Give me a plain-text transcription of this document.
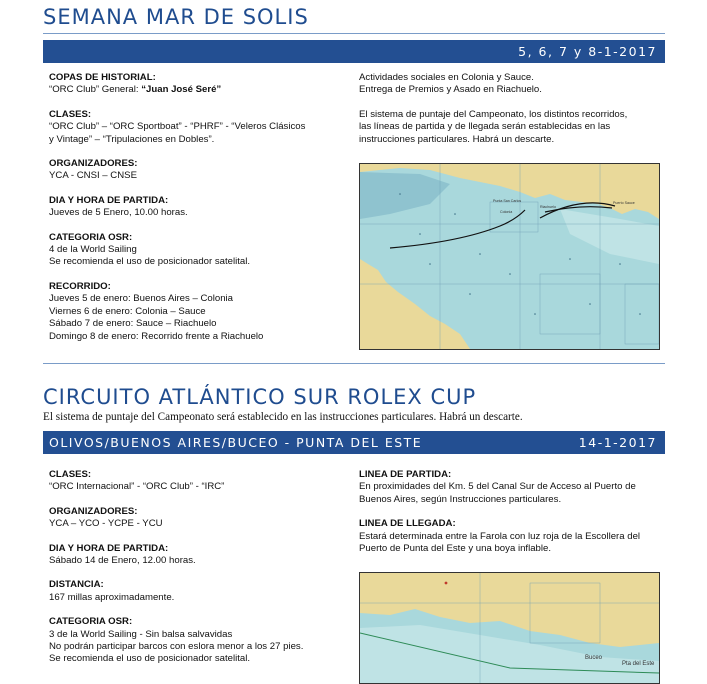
SEMANA MAR DE SOLIS
5, 6, 7 y 8-1-2017
COPAS DE HISTORIAL:
“ORC Club” General: “Juan José Seré”
CLASES:
“ORC Club” – “ORC Sportboat” - “PHRF” - “Veleros Clásicos
y Vintage” – “Tripulaciones en Dobles”.
ORGANIZADORES:
YCA - CNSI – CNSE
DIA Y HORA DE PARTIDA:
Jueves de 5 Enero, 10.00 horas.
CATEGORIA OSR:
4 de la World Sailing
Se recomienda el uso de posicionador satelital.
RECORRIDO:
Jueves 5 de enero: Buenos Aires – Colonia
Viernes 6 de enero: Colonia – Sauce
Sábado 7 de enero: Sauce – Riachuelo
Domingo 8 de enero: Recorrido frente a Riachuelo
Actividades sociales en Colonia y Sauce.
Entrega de Premios y Asado en Riachuelo.
El sistema de puntaje del Campeonato, los distintos recorridos,
las líneas de partida y de llegada serán establecidas en las
instrucciones particulares. Habrá un descarte.
Punta San Carlos
Colonia
Riachuelo
Puerto Sauce
CIRCUITO ATLÁNTICO SUR ROLEX CUP
El sistema de puntaje del Campeonato será establecido en las instrucciones particulares. Habrá un descarte.
OLIVOS/BUENOS AIRES/BUCEO - PUNTA DEL ESTE	14-1-2017
CLASES:
“ORC Internacional” - “ORC Club” - “IRC”
ORGANIZADORES:
YCA – YCO - YCPE - YCU
DIA Y HORA DE PARTIDA:
Sábado 14 de Enero, 12.00 horas.
DISTANCIA:
167 millas aproximadamente.
CATEGORIA OSR:
3 de la World Sailing - Sin balsa salvavidas
No podrán participar barcos con eslora menor a los 27 pies.
Se recomienda el uso de posicionador satelital.
LINEA DE PARTIDA:
En proximidades del Km. 5 del Canal Sur de Acceso al Puerto de
Buenos Aires, según Instrucciones particulares.
LINEA DE LLEGADA:
Estará determinada entre la Farola con luz roja de la Escollera del
Puerto de Punta del Este y una boya inflable.
Buceo
Pta del Este
